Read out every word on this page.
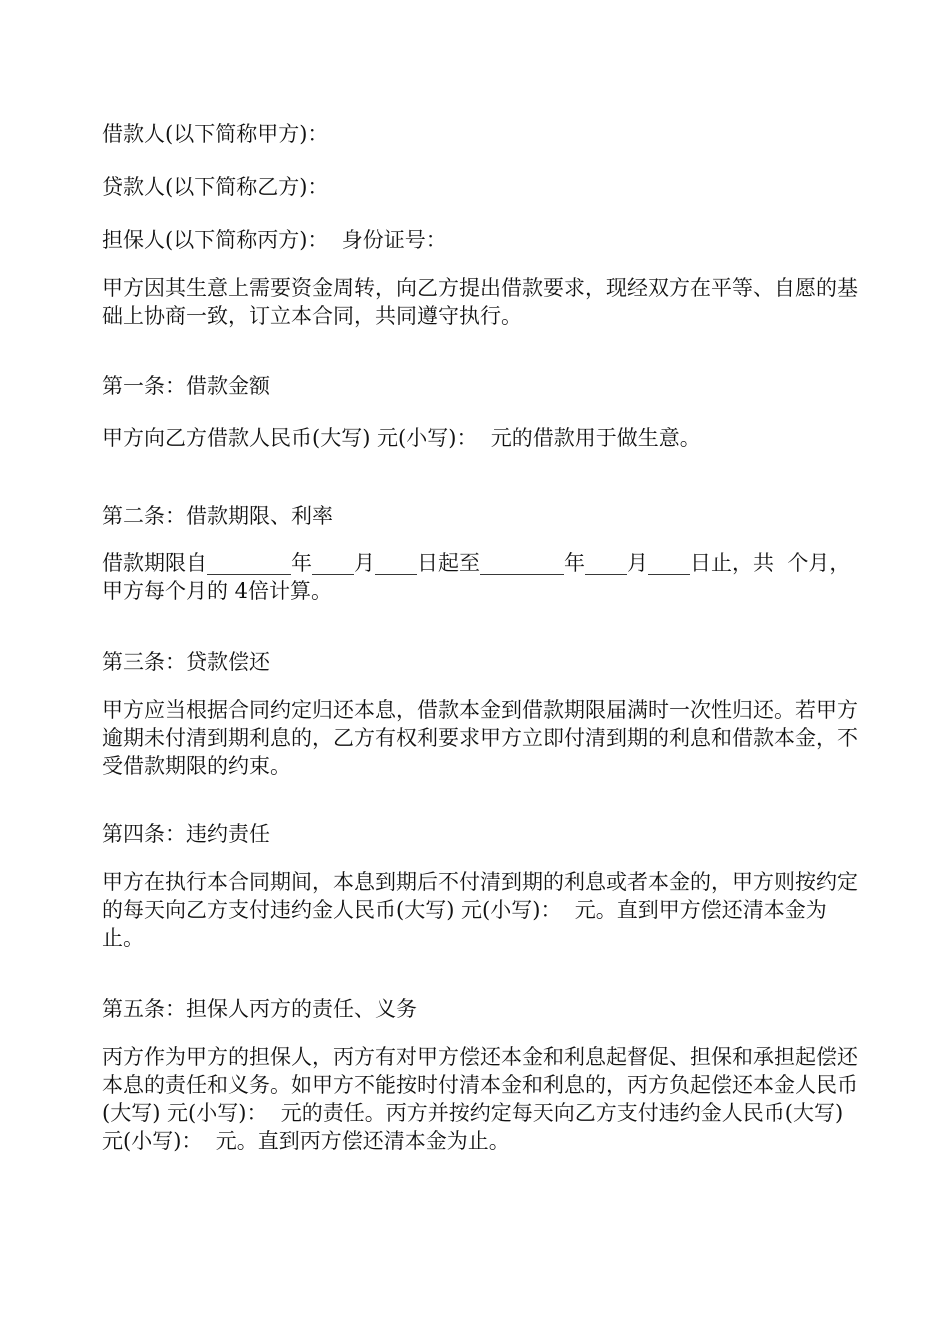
借款人(以下简称甲方)：

贷款人(以下简称乙方)：

担保人(以下简称丙方)：  身份证号：

甲方因其生意上需要资金周转，向乙方提出借款要求，现经双方在平等、自愿的基础上协商一致，订立本合同，共同遵守执行。

第一条：借款金额

甲方向乙方借款人民币(大写) 元(小写)：  元的借款用于做生意。

第二条：借款期限、利率

借款期限自________年____月____日起至________年____月____日止，共  个月，甲方每个月的 4倍计算。

第三条：贷款偿还

甲方应当根据合同约定归还本息，借款本金到借款期限届满时一次性归还。若甲方逾期未付清到期利息的，乙方有权利要求甲方立即付清到期的利息和借款本金，不受借款期限的约束。

第四条：违约责任

甲方在执行本合同期间，本息到期后不付清到期的利息或者本金的，甲方则按约定的每天向乙方支付违约金人民币(大写) 元(小写)：  元。直到甲方偿还清本金为止。

第五条：担保人丙方的责任、义务

丙方作为甲方的担保人，丙方有对甲方偿还本金和利息起督促、担保和承担起偿还本息的责任和义务。如甲方不能按时付清本金和利息的，丙方负起偿还本金人民币(大写) 元(小写)：  元的责任。丙方并按约定每天向乙方支付违约金人民币(大写) 元(小写)：  元。直到丙方偿还清本金为止。
